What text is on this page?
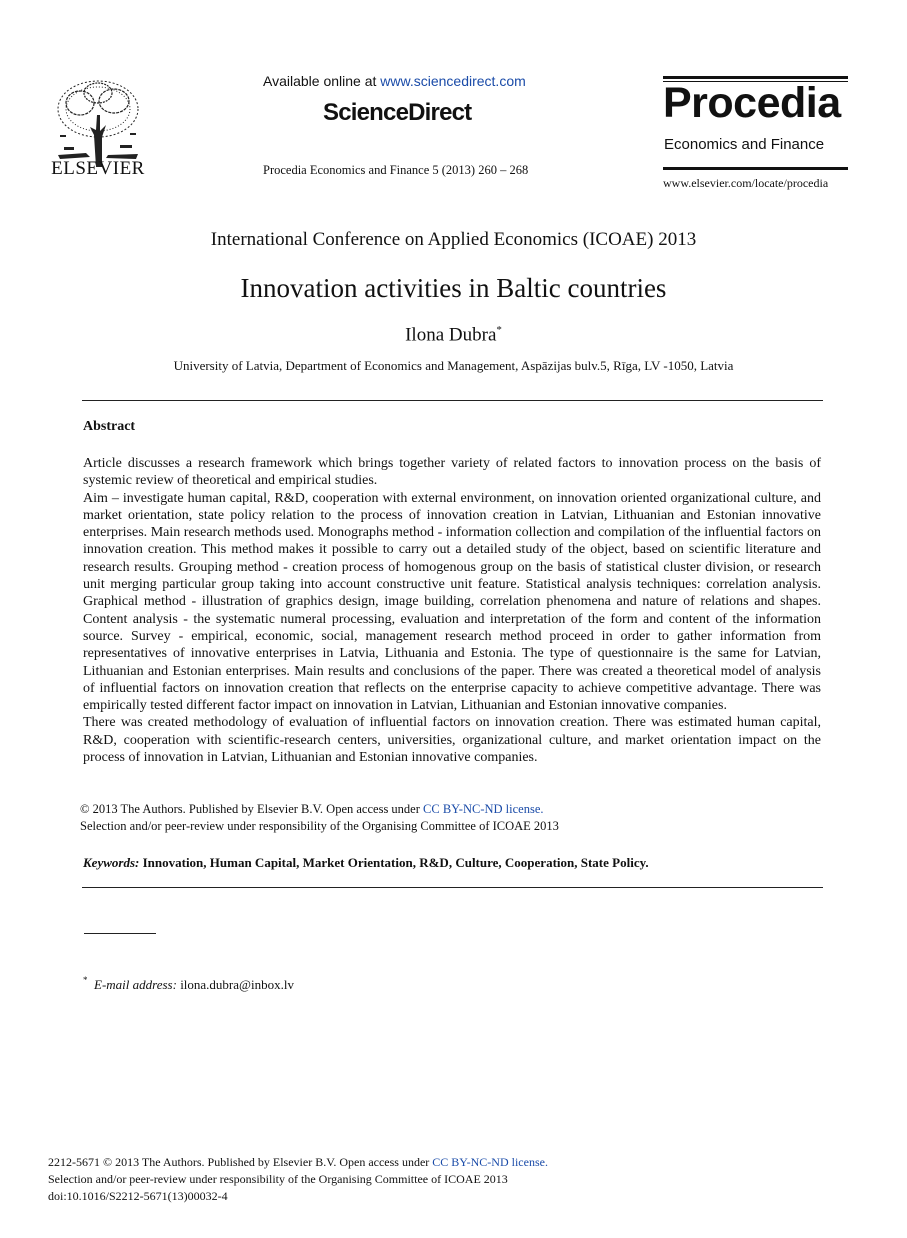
ELSEVIER
Available online at www.sciencedirect.com
ScienceDirect
Procedia Economics and Finance 5 (2013) 260 – 268
Procedia
Economics and Finance
www.elsevier.com/locate/procedia
International Conference on Applied Economics (ICOAE) 2013
Innovation activities in Baltic countries
Ilona Dubra*
University of Latvia, Department of Economics and Management, Aspāzijas bulv.5, Rīga, LV -1050, Latvia
Abstract

Article discusses a research framework which brings together variety of related factors to innovation process on the basis of systemic review of theoretical and empirical studies.

Aim – investigate human capital, R&D, cooperation with external environment, on innovation oriented organizational culture, and market orientation, state policy relation to the process of innovation creation in Latvian, Lithuanian and Estonian innovative enterprises. Main research methods used. Monographs method - information collection and compilation of the influential factors on innovation creation. This method makes it possible to carry out a detailed study of the object, based on scientific literature and research results. Grouping method - creation process of homogenous group on the basis of statistical cluster division, or research unit merging particular group taking into account constructive unit feature. Statistical analysis techniques: correlation analysis. Graphical method - illustration of graphics design, image building, correlation phenomena and nature of relations and shapes. Content analysis - the systematic numeral processing, evaluation and interpretation of the form and content of the information source. Survey - empirical, economic, social, management research method proceed in order to gather information from representatives of innovative enterprises in Latvia, Lithuania and Estonia. The type of questionnaire is the same for Latvian, Lithuanian and Estonian enterprises. Main results and conclusions of the paper. There was created a theoretical model of analysis of influential factors on innovation creation that reflects on the enterprise capacity to achieve competitive advantage. There was empirically tested different factor impact on innovation in Latvian, Lithuanian and Estonian innovative companies.

There was created methodology of evaluation of influential factors on innovation creation. There was estimated human capital, R&D, cooperation with scientific-research centers, universities, organizational culture, and market orientation impact on the process of innovation in Latvian, Lithuanian and Estonian innovative companies.

© 2013 The Authors. Published by Elsevier B.V. Open access under CC BY-NC-ND license.
Selection and/or peer-review under responsibility of the Organising Committee of ICOAE 2013
Keywords: Innovation, Human Capital, Market Orientation, R&D, Culture, Cooperation, State Policy.
* E-mail address: ilona.dubra@inbox.lv
2212-5671 © 2013 The Authors. Published by Elsevier B.V. Open access under CC BY-NC-ND license.
Selection and/or peer-review under responsibility of the Organising Committee of ICOAE 2013
doi:10.1016/S2212-5671(13)00032-4
